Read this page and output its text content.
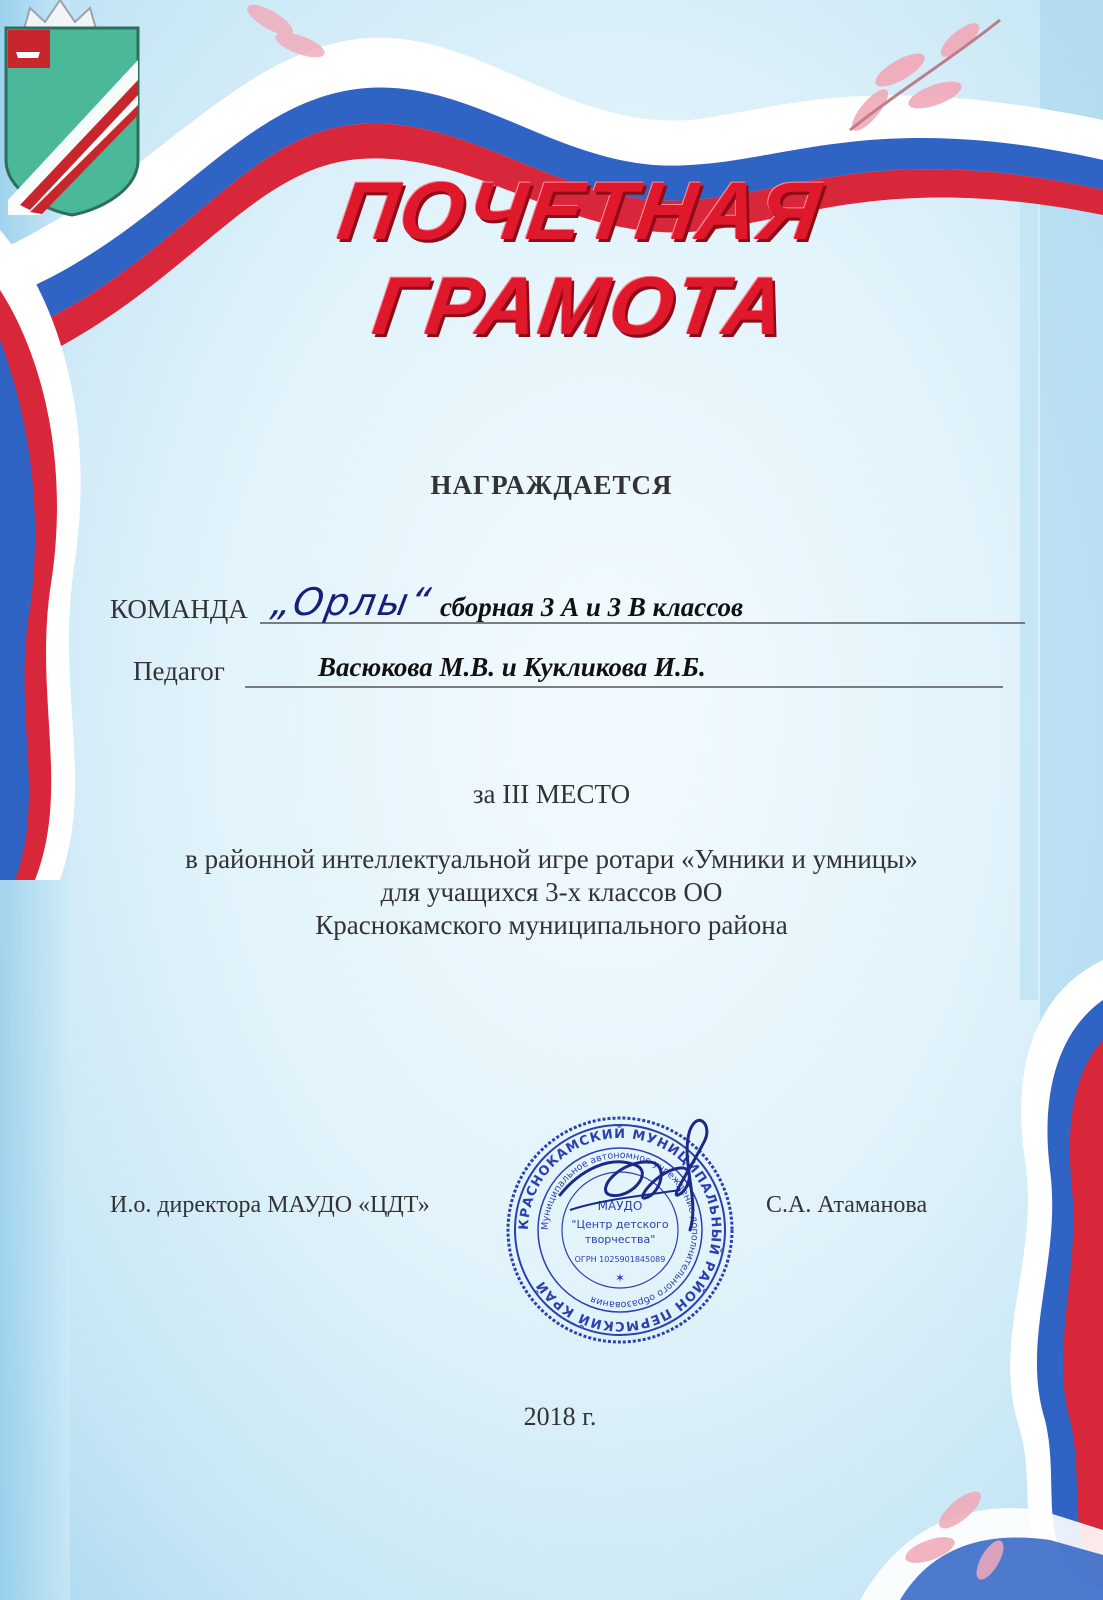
ПОЧЕТНАЯ
ГРАМОТА
НАГРАЖДАЕТСЯ
КОМАНДА „Орлы“ сборная 3 А и 3 В классов
Педагог	Васюкова М.В. и Кукликова И.Б.
за III МЕСТО
в районной интеллектуальной игре ротари «Умники и умницы»
для учащихся 3-х классов ОО
Краснокамского муниципального района
И.о. директора МАУДО «ЦДТ»	С.А. Атаманова
КРАСНОКАМСКИЙ МУНИЦИПАЛЬНЫЙ РАЙОН ПЕРМСКИЙ КРАЙ
Муниципальное автономное учреждение дополнительного образования
МАУДО
"Центр детского
творчества"
ОГРН 1025901845089
✶
2018 г.
